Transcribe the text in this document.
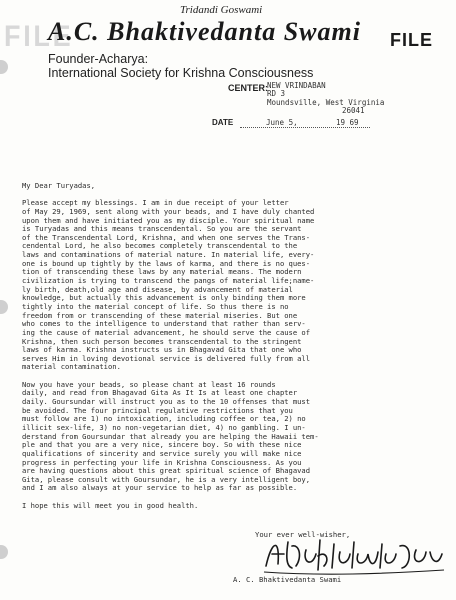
FILE
Tridandi Goswami
A.C. Bhaktivedanta Swami FILE
Founder-Acharya:
International Society for Krishna Consciousness
CENTER: NEW VRINDABAN
RD 3
Moundsville, West Virginia
26041
DATE	June 5,	19 69
My Dear Turyadas,
Please accept my blessings. I am in due receipt of your letter
of May 29, 1969, sent along with your beads, and I have duly chanted
upon them and have initiated you as my disciple. Your spiritual name
is Turyadas and this means transcendental. So you are the servant
of the Transcendental Lord, Krishna, and when one serves the Trans-
cendental Lord, he also becomes completely transcendental to the
laws and contaminations of material nature. In material life, every-
one is bound up tightly by the laws of karma, and there is no ques-
tion of transcending these laws by any material means. The modern
civilization is trying to transcend the pangs of material life;name-
ly birth, death,old age and disease, by advancement of material
knowledge, but actually this advancement is only binding them more
tightly into the material concept of life. So thus there is no
freedom from or transcending of these material miseries. But one
who comes to the intelligence to understand that rather than serv-
ing the cause of material advancement, he should serve the cause of
Krishna, then such person becomes transcendental to the stringent
laws of karma. Krishna instructs us in Bhagavad Gita that one who
serves Him in loving devotional service is delivered fully from all
material contamination.
Now you have your beads, so please chant at least 16 rounds
daily, and read from Bhagavad Gita As It Is at least one chapter
daily. Goursundar will instruct you as to the 10 offenses that must
be avoided. The four principal regulative restrictions that you
must follow are 1) no intoxication, including coffee or tea, 2) no
illicit sex-life, 3) no non-vegetarian diet, 4) no gambling. I un-
derstand from Goursundar that already you are helping the Hawaii tem-
ple and that you are a very nice, sincere boy. So with these nice
qualifications of sincerity and service surely you will make nice
progress in perfecting your life in Krishna Consciousness. As you
are having questions about this great spiritual science of Bhagavad
Gita, please consult with Goursundar, he is a very intelligent boy,
and I am also always at your service to help as far as possible.
I hope this will meet you in good health.
Your ever well-wisher,
A. C. Bhaktivedanta Swami
